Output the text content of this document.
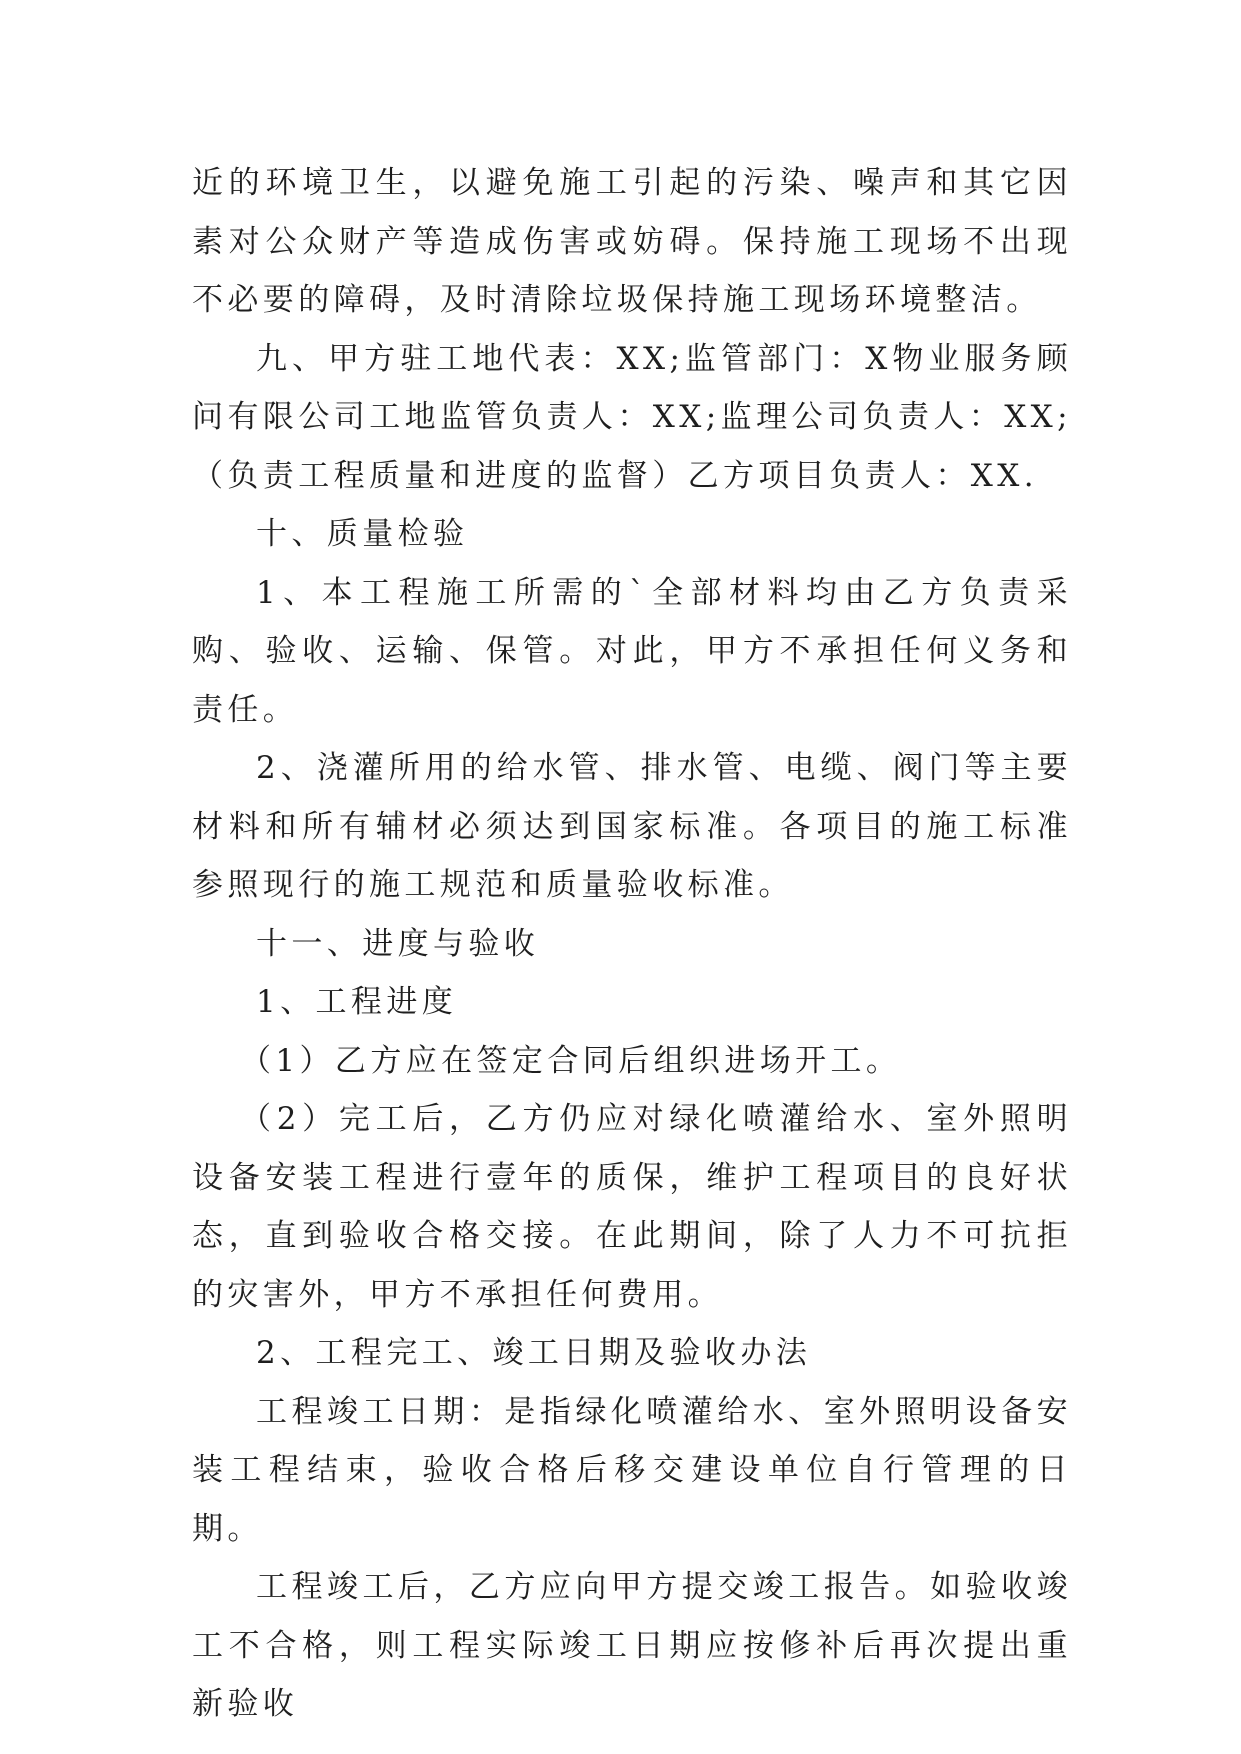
近的环境卫生，以避免施工引起的污染、噪声和其它因素对公众财产等造成伤害或妨碍。保持施工现场不出现不必要的障碍，及时清除垃圾保持施工现场环境整洁。

九、甲方驻工地代表：XX;监管部门：X物业服务顾问有限公司工地监管负责人：XX;监理公司负责人：XX;（负责工程质量和进度的监督）乙方项目负责人：XX.

十、质量检验

1、本工程施工所需的`全部材料均由乙方负责采购、验收、运输、保管。对此，甲方不承担任何义务和责任。

2、浇灌所用的给水管、排水管、电缆、阀门等主要材料和所有辅材必须达到国家标准。各项目的施工标准参照现行的施工规范和质量验收标准。

十一、进度与验收

1、工程进度

（1）乙方应在签定合同后组织进场开工。

（2）完工后，乙方仍应对绿化喷灌给水、室外照明设备安装工程进行壹年的质保，维护工程项目的良好状态，直到验收合格交接。在此期间，除了人力不可抗拒的灾害外，甲方不承担任何费用。

2、工程完工、竣工日期及验收办法

工程竣工日期：是指绿化喷灌给水、室外照明设备安装工程结束，验收合格后移交建设单位自行管理的日期。

工程竣工后，乙方应向甲方提交竣工报告。如验收竣工不合格，则工程实际竣工日期应按修补后再次提出重新验收
